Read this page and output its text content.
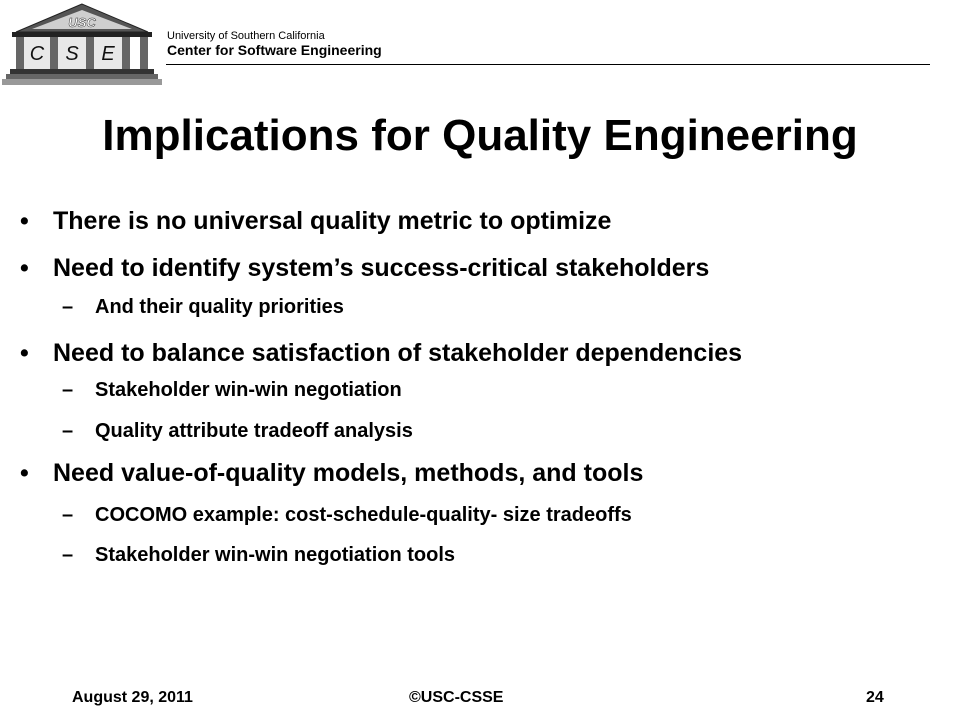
USC
C S E
University of Southern California
Center for Software Engineering
Implications for Quality Engineering
• There is no universal quality metric to optimize
• Need to identify system’s success-critical stakeholders
– And their quality priorities
• Need to balance satisfaction of stakeholder dependencies
– Stakeholder win-win negotiation
– Quality attribute tradeoff analysis
• Need value-of-quality models, methods, and tools
– COCOMO example: cost-schedule-quality- size tradeoffs
– Stakeholder win-win negotiation tools
August 29, 2011	©USC-CSSE	24
